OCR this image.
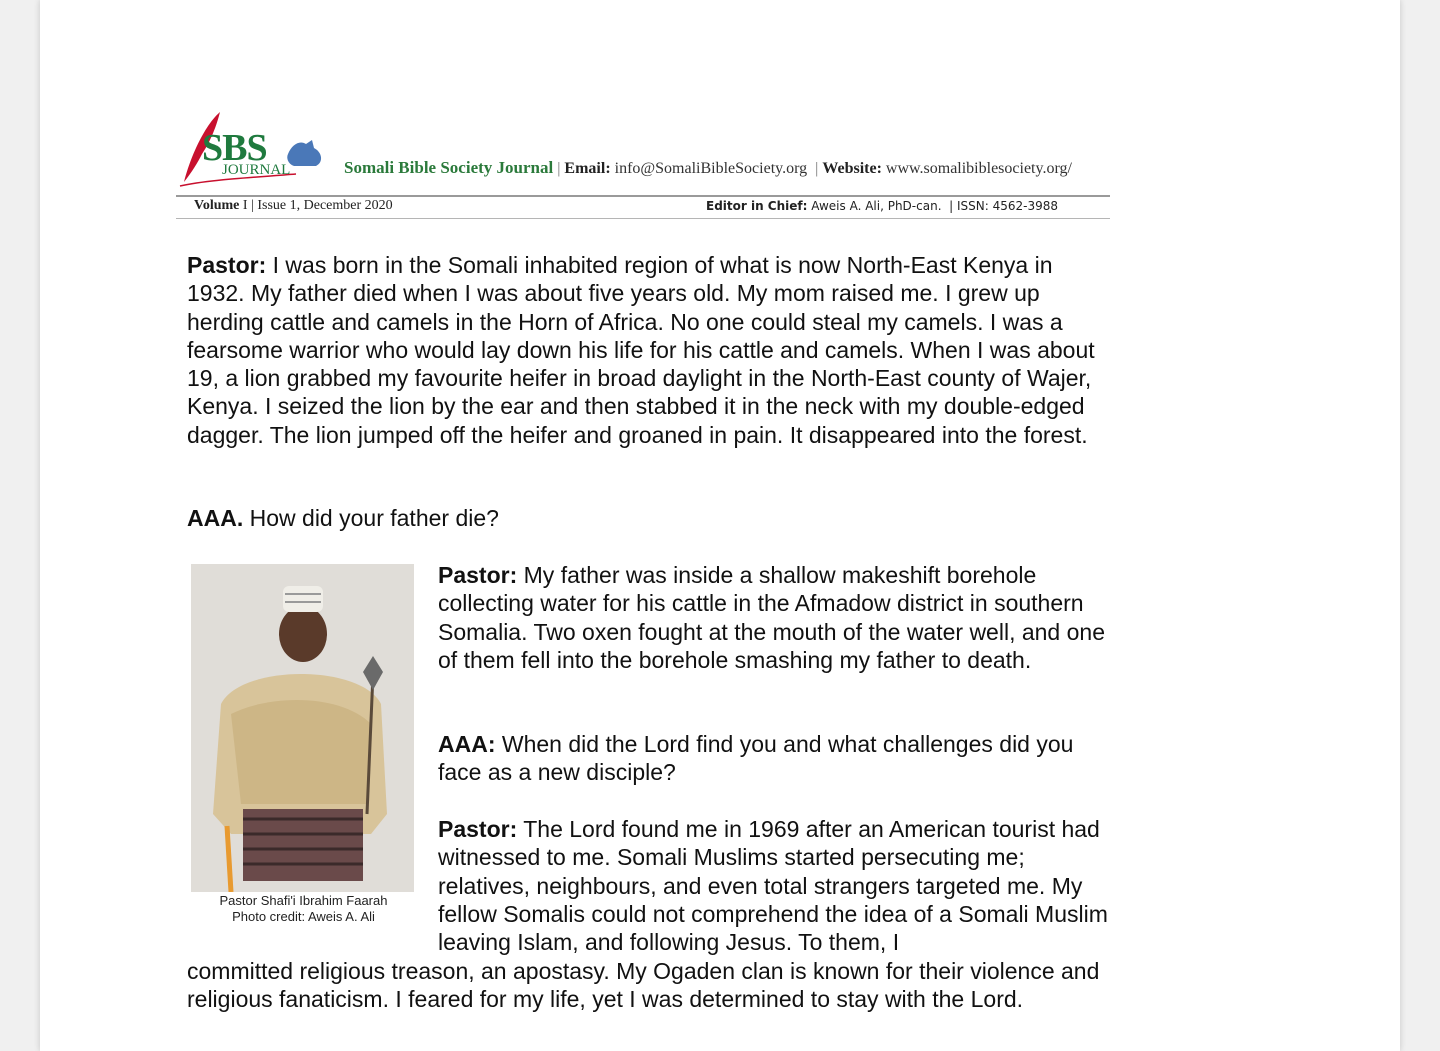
SBS
JOURNAL	Somali Bible Society Journal | Email: info@SomaliBibleSociety.org | Website: www.somalibiblesociety.org/
Volume I | Issue 1, December 2020	Editor in Chief: Aweis A. Ali, PhD-can. | ISSN: 4562-3988

Pastor: I was born in the Somali inhabited region of what is now North-East Kenya in 1932. My father died when I was about five years old. My mom raised me. I grew up herding cattle and camels in the Horn of Africa. No one could steal my camels. I was a fearsome warrior who would lay down his life for his cattle and camels. When I was about 19, a lion grabbed my favourite heifer in broad daylight in the North-East county of Wajer, Kenya. I seized the lion by the ear and then stabbed it in the neck with my double-edged dagger. The lion jumped off the heifer and groaned in pain. It disappeared into the forest.

AAA. How did your father die?

Pastor Shafi'i Ibrahim Faarah
Photo credit: Aweis A. Ali

Pastor: My father was inside a shallow makeshift borehole collecting water for his cattle in the Afmadow district in southern Somalia. Two oxen fought at the mouth of the water well, and one of them fell into the borehole smashing my father to death.

AAA: When did the Lord find you and what challenges did you face as a new disciple?

Pastor: The Lord found me in 1969 after an American tourist had witnessed to me. Somali Muslims started persecuting me; relatives, neighbours, and even total strangers targeted me. My fellow Somalis could not comprehend the idea of a Somali Muslim leaving Islam, and following Jesus. To them, I

committed religious treason, an apostasy. My Ogaden clan is known for their violence and religious fanaticism. I feared for my life, yet I was determined to stay with the Lord.
